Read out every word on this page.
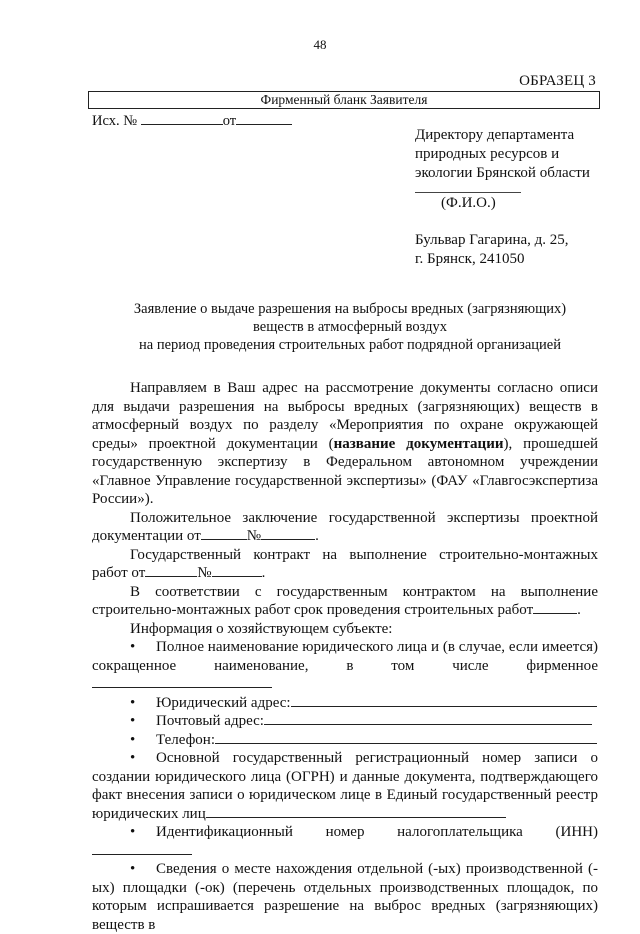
48
ОБРАЗЕЦ 3
Фирменный бланк Заявителя
Исх. №	от
Директору департамента
природных ресурсов и
экологии Брянской области
(Ф.И.О.)
Бульвар Гагарина, д. 25,
г. Брянск, 241050
Заявление о выдаче разрешения на выбросы вредных (загрязняющих)
веществ в атмосферный воздух
на период проведения строительных работ подрядной организацией

Направляем в Ваш адрес на рассмотрение документы согласно описи для выдачи разрешения на выбросы вредных (загрязняющих) веществ в атмосферный воздух по разделу «Мероприятия по охране окружающей среды» проектной документации (название документации), прошедшей государственную экспертизу в Федеральном автономном учреждении «Главное Управление государственной экспертизы» (ФАУ «Главгосэкспертиза России»).

Положительное заключение государственной экспертизы проектной документации от	№	.

Государственный контракт на выполнение строительно-монтажных работ от	№	.

В соответствии с государственным контрактом на выполнение строительно-монтажных работ срок проведения строительных работ	.

Информация о хозяйствующем субъекте:

• Полное наименование юридического лица и (в случае, если имеется) сокращенное наименование, в том числе фирменное

• Юридический адрес:

• Почтовый адрес:

• Телефон:

• Основной государственный регистрационный номер записи о создании юридического лица (ОГРН) и данные документа, подтверждающего факт внесения записи о юридическом лице в Единый государственный реестр юридических лиц

• Идентификационный номер налогоплательщика (ИНН)

• Сведения о месте нахождения отдельной (-ых) производственной (-ых) площадки (-ок) (перечень отдельных производственных площадок, по которым испрашивается разрешение на выброс вредных (загрязняющих) веществ в
